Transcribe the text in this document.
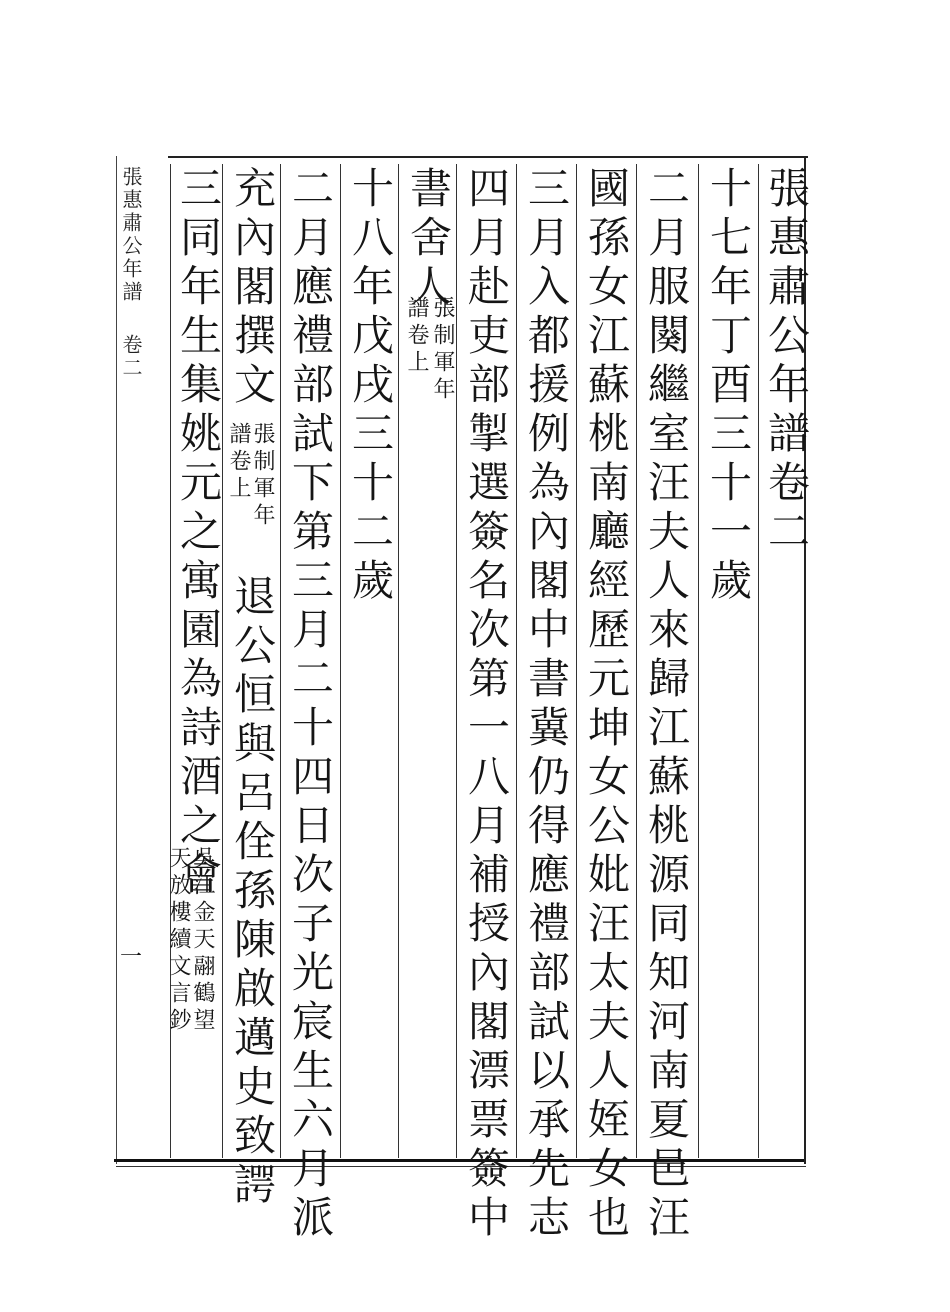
張惠肅公年譜卷二
一
張惠肅公年譜卷二
十七年丁酉三十一歲
二月服闋繼室汪夫人來歸江蘇桃源同知河南夏邑汪
國孫女江蘇桃南廳經歷元坤女公妣汪太夫人姪女也
三月入都援例為內閣中書冀仍得應禮部試以承先志
四月赴吏部掣選簽名次第一八月補授內閣漂票簽中
書舍人
張制軍年
譜卷上
十八年戊戌三十二歲
二月應禮部試下第三月二十四日次子光宸生六月派
充內閣撰文
張制軍年
譜卷上
退公恒與呂佺孫陳啟邁史致諤
三同年生集姚元之寓園為詩酒之會
吳江金天翮鶴望
天放樓續文言鈔
